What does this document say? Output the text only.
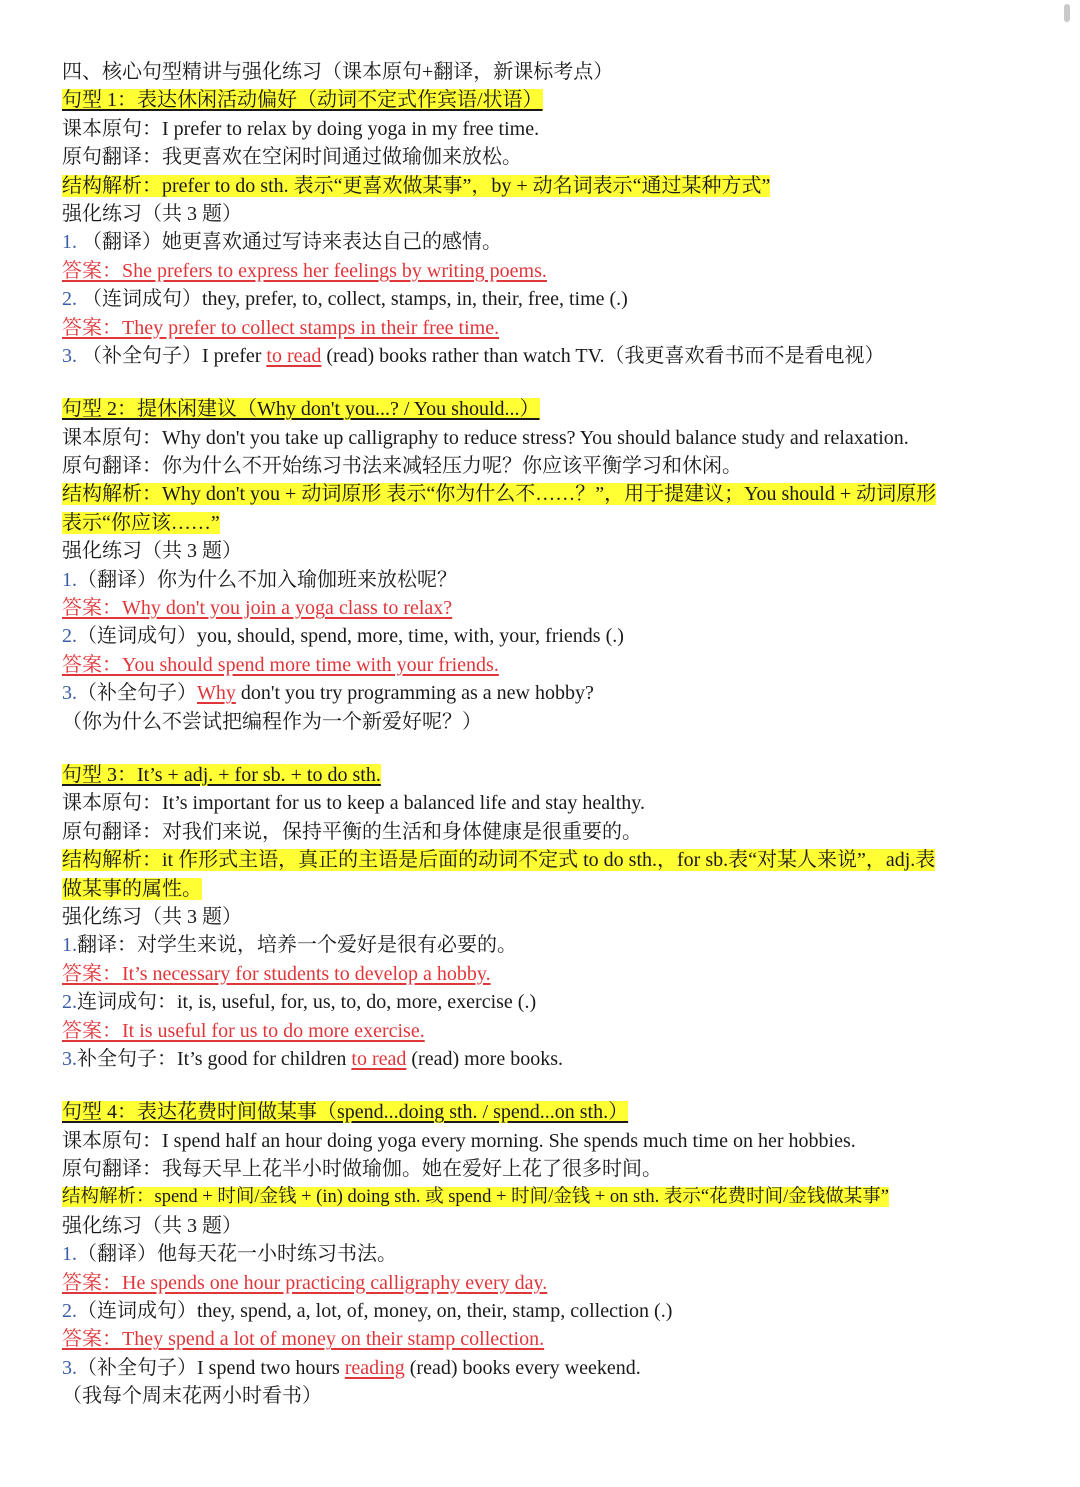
四、核心句型精讲与强化练习（课本原句+翻译，新课标考点）
句型 1：表达休闲活动偏好（动词不定式作宾语/状语）
课本原句：I prefer to relax by doing yoga in my free time.
原句翻译：我更喜欢在空闲时间通过做瑜伽来放松。
结构解析：prefer to do sth. 表示“更喜欢做某事”，by + 动名词表示“通过某种方式”
强化练习（共 3 题）
1. （翻译）她更喜欢通过写诗来表达自己的感情。
答案：She prefers to express her feelings by writing poems.
2. （连词成句）they, prefer, to, collect, stamps, in, their, free, time (.)
答案：They prefer to collect stamps in their free time.
3. （补全句子）I prefer to read (read) books rather than watch TV.（我更喜欢看书而不是看电视）
句型 2：提休闲建议（Why don't you...? / You should...）
课本原句：Why don't you take up calligraphy to reduce stress? You should balance study and relaxation.
原句翻译：你为什么不开始练习书法来减轻压力呢？你应该平衡学习和休闲。
结构解析：Why don't you + 动词原形 表示“你为什么不……？”，用于提建议；You should + 动词原形
表示“你应该……”
强化练习（共 3 题）
1.（翻译）你为什么不加入瑜伽班来放松呢？
答案：Why don't you join a yoga class to relax?
2.（连词成句）you, should, spend, more, time, with, your, friends (.)
答案：You should spend more time with your friends.
3.（补全句子）Why don't you try programming as a new hobby?
（你为什么不尝试把编程作为一个新爱好呢？）
句型 3：It’s + adj. + for sb. + to do sth.
课本原句：It’s important for us to keep a balanced life and stay healthy.
原句翻译：对我们来说，保持平衡的生活和身体健康是很重要的。
结构解析：it 作形式主语，真正的主语是后面的动词不定式 to do sth.，for sb.表“对某人来说”，adj.表
做某事的属性。
强化练习（共 3 题）
1.翻译：对学生来说，培养一个爱好是很有必要的。
答案：It’s necessary for students to develop a hobby.
2.连词成句：it, is, useful, for, us, to, do, more, exercise (.)
答案：It is useful for us to do more exercise.
3.补全句子：It’s good for children to read (read) more books.
句型 4：表达花费时间做某事（spend...doing sth. / spend...on sth.）
课本原句：I spend half an hour doing yoga every morning. She spends much time on her hobbies.
原句翻译：我每天早上花半小时做瑜伽。她在爱好上花了很多时间。
结构解析：spend + 时间/金钱 + (in) doing sth. 或 spend + 时间/金钱 + on sth. 表示“花费时间/金钱做某事”
强化练习（共 3 题）
1.（翻译）他每天花一小时练习书法。
答案：He spends one hour practicing calligraphy every day.
2.（连词成句）they, spend, a, lot, of, money, on, their, stamp, collection (.)
答案：They spend a lot of money on their stamp collection.
3.（补全句子）I spend two hours reading (read) books every weekend.
（我每个周末花两小时看书）
